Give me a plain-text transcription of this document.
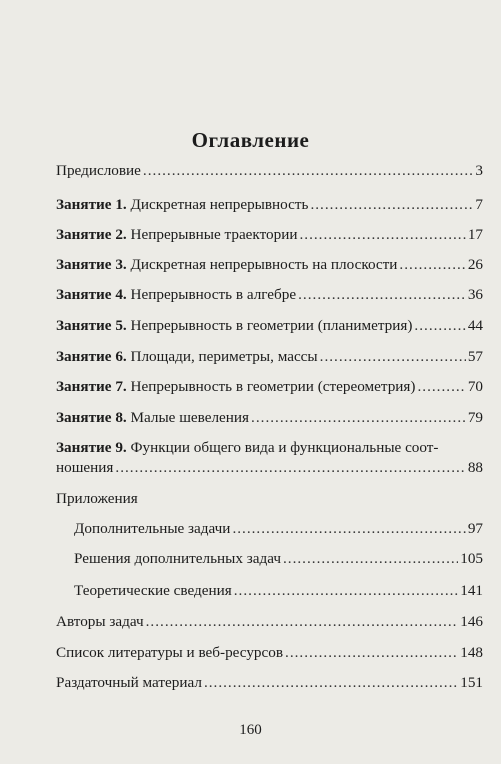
Оглавление
Предисловие .....	3
Занятие 1. Дискретная непрерывность .....	7
Занятие 2. Непрерывные траектории .....	17
Занятие 3. Дискретная непрерывность на плоскости .....	26
Занятие 4. Непрерывность в алгебре .....	36
Занятие 5. Непрерывность в геометрии (планиметрия) .....	44
Занятие 6. Площади, периметры, массы .....	57
Занятие 7. Непрерывность в геометрии (стереометрия) .....	70
Занятие 8. Малые шевеления .....	79
Занятие 9. Функции общего вида и функциональные соот-
ношения .....	88
Приложения
Дополнительные задачи .....	97
Решения дополнительных задач .....	105
Теоретические сведения .....	141
Авторы задач .....	146
Список литературы и веб-ресурсов .....	148
Раздаточный материал .....	151
160
